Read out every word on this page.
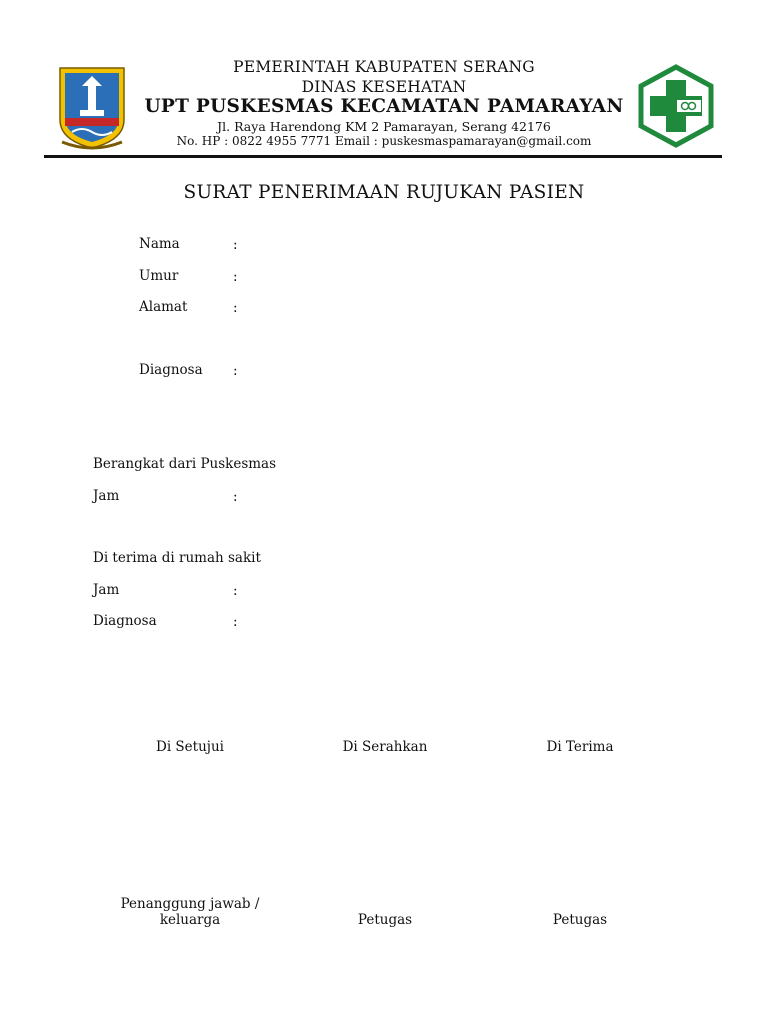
PEMERINTAH KABUPATEN SERANG
DINAS KESEHATAN
UPT PUSKESMAS KECAMATAN PAMARAYAN
Jl. Raya Harendong KM 2 Pamarayan, Serang 42176
No. HP : 0822 4955 7771 Email : puskesmaspamarayan@gmail.com
SURAT PENERIMAAN RUJUKAN PASIEN
Nama	:
Umur	:
Alamat	:
Diagnosa :
Berangkat dari Puskesmas
Jam	:
Di terima di rumah sakit
Jam	:
Diagnosa	:
Di Setujui	Di Serahkan	Di Terima
Penanggung jawab /
keluarga	Petugas	Petugas
